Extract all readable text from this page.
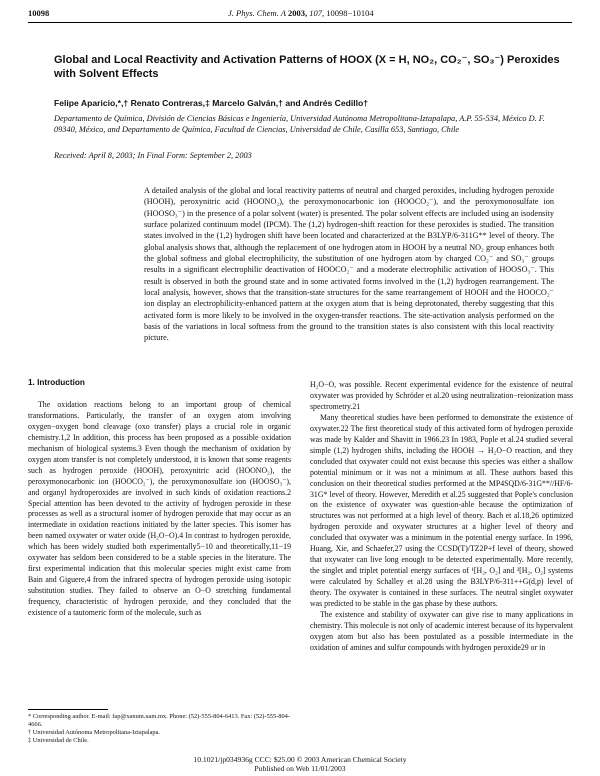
10098	J. Phys. Chem. A 2003, 107, 10098−10104
Global and Local Reactivity and Activation Patterns of HOOX (X = H, NO₂, CO₂⁻, SO₃⁻) Peroxides with Solvent Effects
Felipe Aparicio,*,† Renato Contreras,‡ Marcelo Galván,† and Andrés Cedillo†
Departamento de Química, División de Ciencias Básicas e Ingeniería, Universidad Autónoma Metropolitana-Iztapalapa, A.P. 55-534, México D. F. 09340, México, and Departamento de Química, Facultad de Ciencias, Universidad de Chile, Casilla 653, Santiago, Chile
Received: April 8, 2003; In Final Form: September 2, 2003

A detailed analysis of the global and local reactivity patterns of neutral and charged peroxides, including hydrogen peroxide (HOOH), peroxynitric acid (HOONO₂), the peroxymonocarbonic ion (HOOCO₂⁻), and the peroxymonosulfate ion (HOOSO₃⁻) in the presence of a polar solvent (water) is presented. The polar solvent effects are included using an isodensity surface polarized continuum model (IPCM). The (1,2) hydrogen-shift reaction for these peroxides is studied. The transition states involved in the (1,2) hydrogen shift have been located and characterized at the B3LYP/6-311G** level of theory. The global analysis shows that, although the replacement of one hydrogen atom in HOOH by a neutral NO₂ group enhances both the global softness and global electrophilicity, the substitution of one hydrogen atom by charged CO₂⁻ and SO₃⁻ groups results in a significant electrophilic deactivation of HOOCO₂⁻ and a moderate electrophilic activation of HOOSO₃⁻. This result is observed in both the ground state and in some activated forms involved in the (1,2) hydrogen rearrangement. The local analysis, however, shows that the transition-state structures for the same rearrangement of HOOH and the HOOCO₂⁻ ion display an electrophilicity-enhanced pattern at the oxygen atom that is being deprotonated, thereby suggesting that this activated form is more likely to be involved in the oxygen-transfer reactions. The site-activation analysis performed on the basis of the variations in local softness from the ground to the transition states is also consistent with this local reactivity picture.

1. Introduction

The oxidation reactions belong to an important group of chemical transformations. Particularly, the transfer of an oxygen atom involving oxygen−oxygen bond cleavage (oxo transfer) plays a crucial role in organic chemistry.1,2 In addition, this process has been proposed as a possible oxidation mechanism of biological systems.3 Even though the mechanism of oxidation by oxygen atom transfer is not completely understood, it is known that some reagents such as hydrogen peroxide (HOOH), peroxynitric acid (HOONO₂), the peroxymonocarbonic ion (HOOCO₂⁻), the peroxymonosulfate ion (HOOSO₃⁻), and organyl hydroperoxides are involved in such kinds of oxidation reactions.2 Special attention has been devoted to the activity of hydrogen peroxide in these processes as well as a structural isomer of hydrogen peroxide that may occur as an intermediate in oxidation reactions initiated by the latter species. This isomer has been named oxywater or water oxide (H₂O−O).4 In contrast to hydrogen peroxide, which has been widely studied both experimentally5−10 and theoretically,11−19 oxywater has seldom been considered to be a stable species in the literature. The first experimental indication that this molecular species might exist came from Bain and Giguere,4 from the infrared spectra of hydrogen peroxide using isotopic substitution studies. They failed to observe an O−O stretching fundamental frequency, characteristic of hydrogen peroxide, and they concluded that the existence of a tautomeric form of the molecule, such as

H₂O−O, was possible. Recent experimental evidence for the existence of neutral oxywater was provided by Schröder et al.20 using neutralization−reionization mass spectrometry.21

Many theoretical studies have been performed to demonstrate the existence of oxywater.22 The first theoretical study of this activated form of hydrogen peroxide was made by Kalder and Shavitt in 1966.23 In 1983, Pople et al.24 studied several simple (1,2) hydrogen shifts, including the HOOH → H₂O−O reaction, and they concluded that oxywater could not exist because this species was either a shallow potential minimum or it was not a minimum at all. These authors based this conclusion on their theoretical studies performed at the MP4SQD/6-31G**//HF/6-31G* level of theory. However, Meredith et al.25 suggested that Pople's conclusion on the existence of oxywater was question-able because the optimization of structures was not performed at a high level of theory. Bach et al.18,26 optimized hydrogen peroxide and oxywater structures at a higher level of theory and concluded that oxywater was a minimum in the potential energy surface. In 1996, Huang, Xie, and Schaefer,27 using the CCSD(T)/TZ2P+f level of theory, showed that oxywater can live long enough to be detected experimentally. More recently, the singlet and triplet potential energy surfaces of ¹[H₂, O₂] and ³[H₂, O₂] systems were calculated by Schalley et al.28 using the B3LYP/6-311++G(d,p) level of theory. The oxywater is contained in these surfaces. The neutral singlet oxywater was predicted to be stable in the gas phase by these authors.

The existence and stability of oxywater can give rise to many applications in chemistry. This molecule is not only of academic interest because of its hypervalent oxygen atom but also has been postulated as a possible intermediate in the oxidation of amines and sulfur compounds with hydrogen peroxide29 or in

* Corresponding author. E-mail: fap@xanum.uam.mx. Phone: (52)-555-804-6413. Fax: (52)-555-804-4666.
† Universidad Autónoma Metropolitana-Iztapalapa.
‡ Universidad de Chile.
10.1021/jp034936g CCC: $25.00 © 2003 American Chemical Society
Published on Web 11/01/2003
